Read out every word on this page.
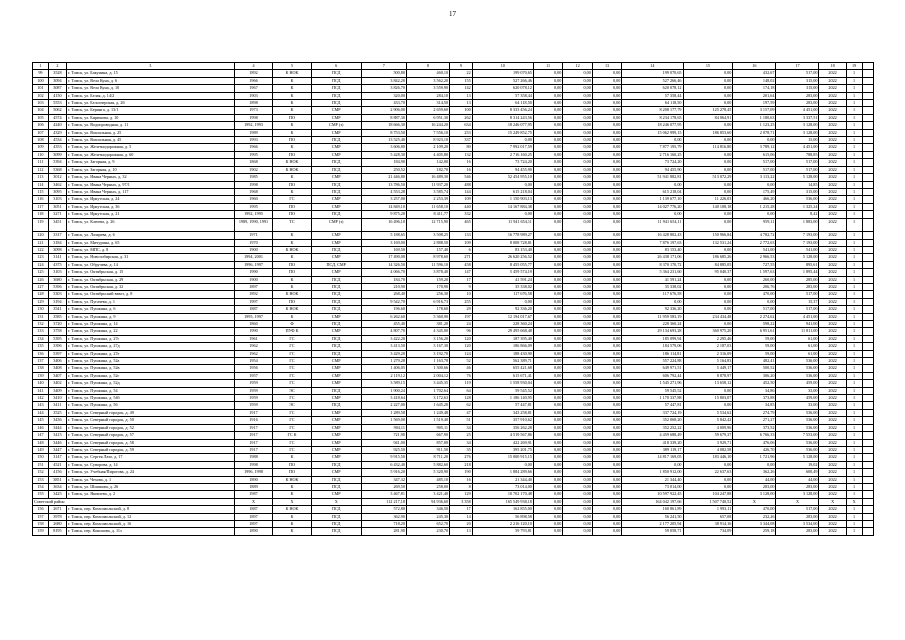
17
1	2	3	4	5	6	7	8	9	10	11	12	13	14	15	16	17	18	19	
99	3528	г. Томск, ул. Бакунина, д. 15	1892	К НОК	ПСД	500,80	460,10	22	199 070,65	0,00	0,00	0,00	199 070,65	0,00	432,67	517,00	2022	1	
100	3094	г. Томск, ул. Вела Куна, д. 6	1966	К	ПСД	3 842,20	3 562,20	155	527 266,46	0,00	0,00	0,00	527 266,46	0,00	148,02	315,00	2022	1	
101	3087	г. Томск, ул. Вела Куна, д. 10	1967	К	ПСД	3 826,70	3 559,90	142	620 078,12	0,00	0,00	0,00	620 078,12	0,00	174,18	315,00	2022	1	
102	4150	г. Томск, ул. Белая, д. 14/2	1903	К	ПСД	320,00	284,10	13	57 358,44	0,00	0,00	0,00	57 358,44	0,00	201,64	283,00	2022	1	
103	5553	г. Томск, ул. Белоозерская, д. 26	1898	К	ПСД	433,70	314,50	13	64 118,50	0,00	0,00	0,00	64 118,50	0,00	197,59	283,00	2022	1	
104	5062	г. Томск, ул. Беринга, д. 13/1	1973	К	СМР	2 906,00	2 659,60	100	8 333 456,24	0,00	0,00	0,00	8 208 177,79	125 278,45	3 157,09	4 451,00	2022	1	
105	4574	г. Томск, ул. Бирюкова, д. 10	1998	ПО	СМР	8 887,30	6 951,30	262	8 314 243,56	0,00	0,00	0,00	8 234 178,65	84 064,91	1 180,63	3 337,51	2022	1	
106	4240	г. Томск, ул. Водопроводная, д. 11	1992, 1993	К	СМР (з)	18 666,30	16 244,20	634	18 246 077,95	0,00	0,00	0,00	18 246 077,95	0,00	1 123,25	3 128,00	2022	1	
107	4329	г. Томск, ул. Вокзальная, д. 25	1989	К	СМР	8 753,50	7 556,10	253	15 249 852,75	0,00	0,00	0,00	15 062 999,15	186 853,60	2 078,71	3 128,00	2022	1	
108	4534	г. Томск, ул. Вокзальная, д. 45	1993	ПО	ПСД	13 525,40	8 923,10	337	0,00	0,00	0,00	0,00	0,00	0,00	0,00	15,00	2022	1	
109	4353	г. Томск, ул. Железнодорожная, д. 5	1966	К	СМР	3 606,80	2 109,20	80	7 992 017,59	0,00	0,00	0,00	7 877 195,79	114 816,80	3 789,12	4 451,00	2022	1	
110	3099	г. Томск, ул. Железнодорожная, д. 60	1995	ПО	СМР	5 428,30	4 405,80	132	2 716 160,25	0,00	0,00	0,00	2 716 160,25	0,00	615,06	788,85	2022	1	
111	5394	г. Томск, ул. Загорная, д. 9	1868	К НОК	ПСД	184,90	142,00	16	73 724,20	0,00	0,00	0,00	73 724,20	0,00	517,00	517,00	2022	1	
112	5368	г. Томск, ул. Загорная, д. 10	1902	К НОК	ПСД	250,52	182,70	16	94 455,90	0,00	0,00	0,00	94 455,90	0,00	517,00	517,00	2022	1	
113	3012	г. Томск, ул. Ивана Черных, д. 32	1985	К	СМР	21 446,80	16 489,30	546	52 454 955,10	0,00	0,00	0,00	51 941 882,81	513 072,29	3 113,22	5 128,00	2022	1	
114	3462	г. Томск, ул. Ивана Черных, д. 97/1	1998	ПО	ПСД	13 786,50	11 937,20	488	0,00	0,00	0,00	0,00	0,00	0,00	0,00	14,85	2022	1	
115	3095	г. Томск, ул. Ивана Черных, д. 117	1968	К	ПСД	4 553,28	3 585,74	144	615 218,04	0,00	0,00	0,00	615 218,04	0,00	175,49	315,00	2022	1	
116	3103	г. Томск, ул. Иркутская, д. 24	1960	ГС	СМР	3 257,00	2 253,39	109	1 150 903,13	0,00	0,00	0,00	1 139 677,10	11 226,03	466,20	536,00	2022	1	
117	3051	г. Томск, ул. Иркутская, д. 36	1995	ПО	СМР	14 849,10	11 658,10	440	14 167 884,38	0,00	0,00	0,00	14 027 776,20	140 108,18	1 215,28	1 325,24	2022	1	
118	3271	г. Томск, ул. Иркутская, д. 21	1992, 1995	ПО	ПСД	9 875,20	8 411,77	332	0,00	0,00	0,00	0,00	0,00	0,00	0,00	8,42	2022	1	
119	3451	г. Томск, ул. Клюева, д. 26	1989, 1990, 1991	ТС	СМР (з)	16 496,10	12 715,90	465	11 941 654,11	0,00	0,00	0,00	11 941 654,11	0,00	959,11	1 883,00	2022	1	
120	3317	г. Томск, ул. Лазарева, д. 6	1971	К	СМР	5 188,65	3 508,25	133	16 778 989,27	0,00	0,00	0,00	16 428 802,43	150 966,84	4 782,72	7 193,00	2022	1	
121	3184	г. Томск, ул. Мичурина, д. 65	1970	К	СМР	3 169,00	2 888,50	109	8 008 728,81	0,00	0,00	0,00	7 876 197,63	132 531,24	2 772,63	7 193,00	2022	1	
122	3098	г. Томск, ул. МПС, д. 8	1900	К НОК	ПСД	169,50	157,40	6	83 153,40	0,00	0,00	0,00	83 153,40	0,00	541,00	541,00	2022	1	
123	3141	г. Томск, ул. Новосибирская, д. 31	1994, 2001	К	СМР	17 490,08	8 978,60	271	26 620 256,52	0,00	0,00	0,00	26 438 171,06	186 685,26	2 966,53	5 128,00	2022	1	
124	4375	г. Томск, ул. Обручева, д. 14	1996, 1997	ПО	ПСД, СМР	14 326,50	11 596,10	458	8 455 055,77	0,00	0,00	0,00	8 370 170,72	84 885,05	727,55	895,61	2022	1	
125	3103	г. Томск, ул. Октябрьская, д. 15	1990	ПО	СМР	4 066,70	3 878,40	147	5 459 574,19	0,00	0,00	0,00	5 364 231,60	95 040,37	1 597,63	1 895,44	2022	1	
126	3680	г. Томск, ул. Октябрьская, д. 29	1900	К	ПСД	184,70	159,20	17	41 591,24	0,00	0,00	0,00	41 591,24	0,00	260,00	285,00	2022	1	
127	5396	г. Томск, ул. Октябрьская, д. 32	1897	К	ПСД	210,90	170,90	9	35 338,02	0,00	0,00	0,00	35 338,02	0,00	206,76	283,00	2022	1	
128	5303	г. Томск, ул. Октябрьский взвоз, д. 8	1892	К НОК	ПСД	268,40	256,30	10	117 676,58	0,00	0,00	0,00	117 676,58	0,00	470,00	517,00	2022	1	
129	3194	г. Томск, ул. Пугачева, д. 1	1997	ПО	ПСД	9 542,70	6 916,73	255	0,00	0,00	0,00	0,00	0,00	0,00	0,00	15,37	2022	1	
130	3541	г. Томск, ул. Пушкина, д. 6	1887	К НОК	ПСД	196,60	178,60	29	92 336,20	0,00	0,00	0,00	92 336,20	0,00	517,00	517,00	2022	1	
131	3585	г. Томск, ул. Пушкина, д. 9	1995, 1997	К	СМР	6 262,60	5 360,90	197	12 194 017,67	0,00	0,00	0,00	11 959 583,19	234 434,48	2 274,62	4 451,00	2022	1	
132	3720	г. Томск, ул. Пушкина, д. 14	1860	Ф	ПСД	455,40	381,20	24	228 360,24	0,00	0,00	0,00	228 360,24	0,00	598,22	941,00	2022	1	
133	3758	г. Томск, ул. Пушкина, д. 22	1990	ПУФ К	СМР	4 807,70	4 345,00	96	29 495 668,48	0,00	0,00	0,00	29 134 693,28	360 975,20	6 951,61	11 811,00	2022	1	
134	5395	г. Томск, ул. Пушкина, д. 27г	1961	ГС	ПСД	3 422,20	3 156,20	120	187 395,40	0,00	0,00	0,00	185 099,94	2 295,46	59,00	61,00	2022	1	
135	3396	г. Томск, ул. Пушкина, д. 27д	1962	ГС	ПСД	3 413,50	3 167,30	120	186 866,09	0,00	0,00	0,00	184 579,06	2 187,03	59,00	61,00	2022	1	
136	5397	г. Томск, ул. Пушкина, д. 27е	1962	ГС	ПСД	3 429,20	3 192,70	124	188 430,90	0,00	0,00	0,00	186 114,81	2 316,09	59,00	61,00	2022	1	
137	3406	г. Томск, ул. Пушкина, д. 52а	1954	ГС	СМР	1 279,28	1 163,78	52	562 389,71	0,00	0,00	0,00	557 224,88	5 164,83	482,41	536,00	2022	1	
138	3408	г. Томск, ул. Пушкина, д. 52в	1956	ГС	СМР	1 406,05	1 300,66	46	655 421,68	0,00	0,00	0,00	649 971,51	5 449,17	500,52	536,00	2022	1	
139	3407	г. Томск, ул. Пушкина, д. 52г	1957	ГС	СМР	2 119,12	2 004,12	76	615 671,41	0,00	0,00	0,00	606 792,44	8 878,97	306,20	536,00	2022	1	
140	3402	г. Томск, ул. Пушкина, д. 52д	1959	ГС	СМР	3 589,15	3 445,35	119	1 558 930,04	0,00	0,00	0,00	1 545 271,96	13 658,12	452,50	459,00	2022	1	
141	3409	г. Томск, ул. Пушкина, д. 54	1959	ЭС	ПСД	1 900,24	1 702,64	64	59 545,52	0,00	0,00	0,00	59 545,52	0,00	34,86	33,00	2022	1	
142	3410	г. Томск, ул. Пушкина, д. 54б	1959	ГС	СМР	3 418,64	3 172,63	128	1 186 140,95	0,00	0,00	0,00	1 170 337,88	15 803,07	373,88	459,00	2022	1	
143	3411	г. Томск, ул. Пушкина, д. 56	1959	ЭС	ПСД	2 227,00	1 645,20	62	57 447,81	0,00	0,00	0,00	57 447,81	0,00	34,85	33,00	2022	1	
144	3525	г. Томск, ул. Северный городок, д. 49	1917	ГС	СМР	1 289,58	1 249,48	47	343 258,81	0,00	0,00	0,00	337 724,19	5 534,62	274,79	536,00	2022	1	
145	3436	г. Томск, ул. Северный городок, д. 50	1916	ГС	СМР	1 569,00	1 519,40	51	357 910,62	0,00	0,00	0,00	352 068,20	5 842,42	271,27	536,00	2022	1	
146	3444	г. Томск, ул. Северный городок, д. 52	1917	ГС	СМР	904,11	905,11	34	356 262,28	0,00	0,00	0,00	352 252,22	4 009,96	373,52	536,00	2022	1	
147	3415	г. Томск, ул. Северный городок, д. 57	1917	ГС К	СМР	721,90	667,90	25	4 519 567,86	0,00	0,00	0,00	4 459 688,49	59 679,37	6 766,33	7 553,00	2022	1	
148	3446	г. Томск, ул. Северный городок, д. 58	1917	ГС	СМР	941,00	857,00	34	422 269,91	0,00	0,00	0,00	418 339,20	3 929,71	476,06	536,00	2022	1	
149	3447	г. Томск, ул. Северный городок, д. 59	1917	ГС	СМР	925,50	911,50	35	395 201,75	0,00	0,00	0,00	389 119,17	4 082,58	426,70	536,00	2022	1	
150	3147	г. Томск, ул. Сергея Лазо, д. 17	1988	К	СМР	9 915,50	8 711,20	276	15 000 915,15	0,00	0,00	0,00	14 817 169,05	183 446,10	1 721,96	5 128,00	2022	1	
151	4521	г. Томск, ул. Суворова, д. 14	1998	ПО	ПСД	6 432,40	5 882,60	218	0,00	0,00	0,00	0,00	0,00	0,00	0,00	19,02	2022	1	
152	4156	г. Томск, ул. Учебная/Пирогова, д. 24	1996, 1998	ПО	СМР	5 916,20	5 320,90	190	1 884 289,66	0,00	0,00	0,00	1 850 912,00	22 637,63	362,26	600,49	2022	1	
153	3851	г. Томск, ул. Чехова, д. 1	1890	К НОК	ПСД	347,32	485,10	16	21 344,40	0,00	0,00	0,00	21 344,40	0,00	44,00	44,00	2022	1	
154	3634	г. Томск, ул. Шишкова, д. 26	1889	К	ПСД	269,50	258,00	8	73 014,00	0,00	0,00	0,00	73 014,00	0,00	283,00	283,00	2022	1	
155	3425	г. Томск, ул. Яковлева, д. 2	1987	К	СМР	3 467,81	3 421,40	129	10 702 170,48	0,00	0,00	0,00	10 597 922,45	104 247,88	3 128,00	3 128,00	2022	1	
Советский район			X	X	X	112 217,18	94 936,60	3 358	165 549 938,18	0,00	0,00	0,00	164 042 197,66	1 507 740,52	X	X	X	X	
156	2671	г. Томск, пер. Комсомольский, д. 8	1887	К НОК	ПСД	572,80	346,50	17	162 855,00	0,00	0,00	0,00	160 861,89	1 993,11	470,00	517,00	2022	1	
157	3978	г. Томск, пер. Комсомольский, д. 12	1897	К	ПСД	362,90	245,30	14	56 898,58	0,00	0,00	0,00	56 241,50	657,08	232,26	283,00	2022	1	
158	2680	г. Томск, пер. Комсомольский, д. 16	1897	К	ПСД	718,20	652,70	20	2 216 120,10	0,00	0,00	0,00	2 177 205,94	38 914,16	3 344,08	3 534,00	2022	1	
159	8195	г. Томск, пер. Кононова, д. 11з	1890	К	ПСД	281,90	230,70	13	59 793,81	0,00	0,00	0,00	59 058,71	734,09	259,18	283,00	2022	1	
